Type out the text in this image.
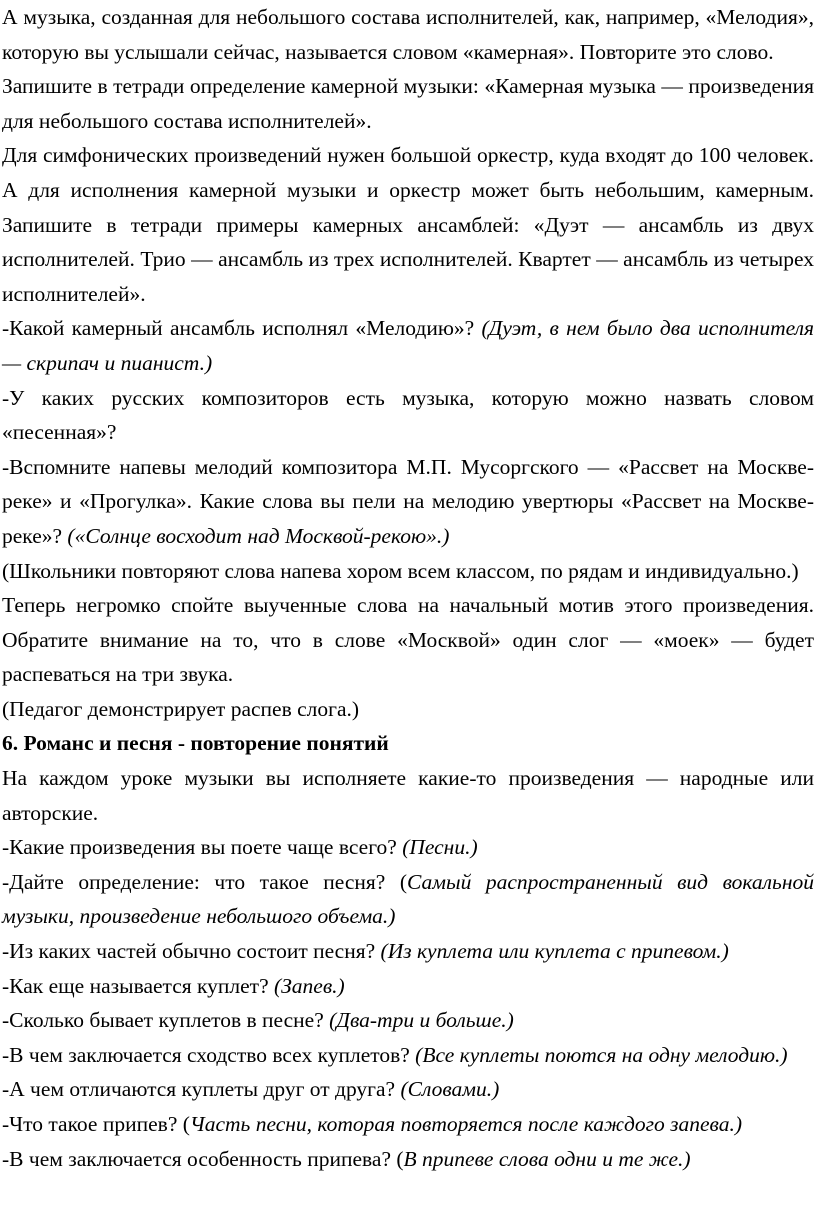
А музыка, созданная для небольшого состава исполнителей, как, например, «Мелодия», которую вы услышали сейчас, называется словом «камерная». Повторите это слово.

Запишите в тетради определение камерной музыки: «Камерная музыка — произведения для небольшого состава исполнителей».

Для симфонических произведений нужен большой оркестр, куда входят до 100 человек. А для исполнения камерной музыки и оркестр может быть небольшим, камерным. Запишите в тетради примеры камерных ансамблей: «Дуэт — ансамбль из двух исполнителей. Трио — ансамбль из трех исполнителей. Квартет — ансамбль из четырех исполнителей».

-Какой камерный ансамбль исполнял «Мелодию»? (Дуэт, в нем было два исполнителя — скрипач и пианист.)

-У каких русских композиторов есть музыка, которую можно назвать словом «песенная»?

-Вспомните напевы мелодий композитора М.П. Мусоргского — «Рассвет на Москве-реке» и «Прогулка». Какие слова вы пели на мелодию увертюры «Рассвет на Москве-реке»? («Солнце восходит над Москвой-рекою».)

(Школьники повторяют слова напева хором всем классом, по рядам и индивидуально.)

Теперь негромко спойте выученные слова на начальный мотив этого произведения. Обратите внимание на то, что в слове «Москвой» один слог — «моек» — будет распеваться на три звука.

(Педагог демонстрирует распев слога.)

6. Романс и песня - повторение понятий

На каждом уроке музыки вы исполняете какие-то произведения — народные или авторские.

-Какие произведения вы поете чаще всего? (Песни.)

-Дайте определение: что такое песня? (Самый распространенный вид вокальной музыки, произведение небольшого объема.)

-Из каких частей обычно состоит песня? (Из куплета или куплета с припевом.)

-Как еще называется куплет? (Запев.)

-Сколько бывает куплетов в песне? (Два-три и больше.)

-В чем заключается сходство всех куплетов? (Все куплеты поются на одну мелодию.)

-А чем отличаются куплеты друг от друга? (Словами.)

-Что такое припев? (Часть песни, которая повторяется после каждого запева.)

-В чем заключается особенность припева? (В припеве слова одни и те же.)
